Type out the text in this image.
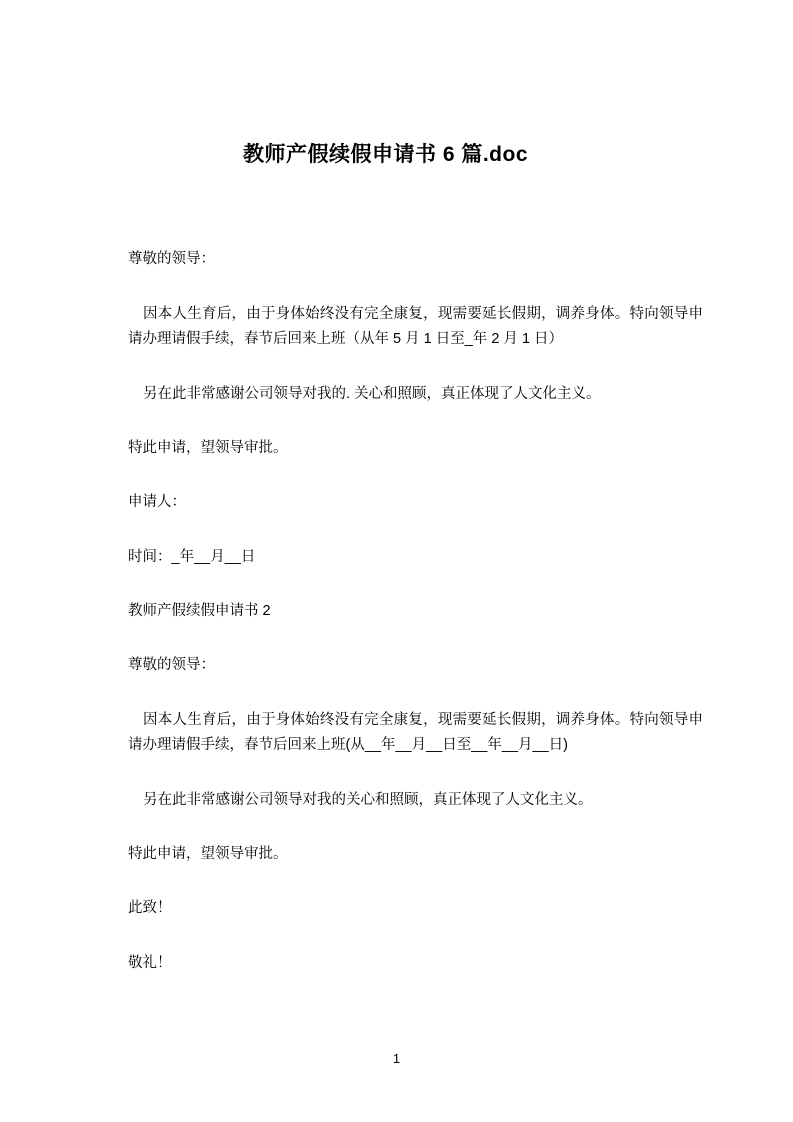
教师产假续假申请书 6 篇.doc

尊敬的领导：

因本人生育后，由于身体始终没有完全康复，现需要延长假期，调养身体。特向领导申请办理请假手续，春节后回来上班（从年 5 月 1 日至_年 2 月 1 日）

另在此非常感谢公司领导对我的. 关心和照顾，真正体现了人文化主义。

特此申请，望领导审批。

申请人：

时间：_年__月__日

教师产假续假申请书 2

尊敬的领导：

因本人生育后，由于身体始终没有完全康复，现需要延长假期，调养身体。特向领导申请办理请假手续，春节后回来上班(从__年__月__日至__年__月__日)

另在此非常感谢公司领导对我的关心和照顾，真正体现了人文化主义。

特此申请，望领导审批。

此致！

敬礼！

1
